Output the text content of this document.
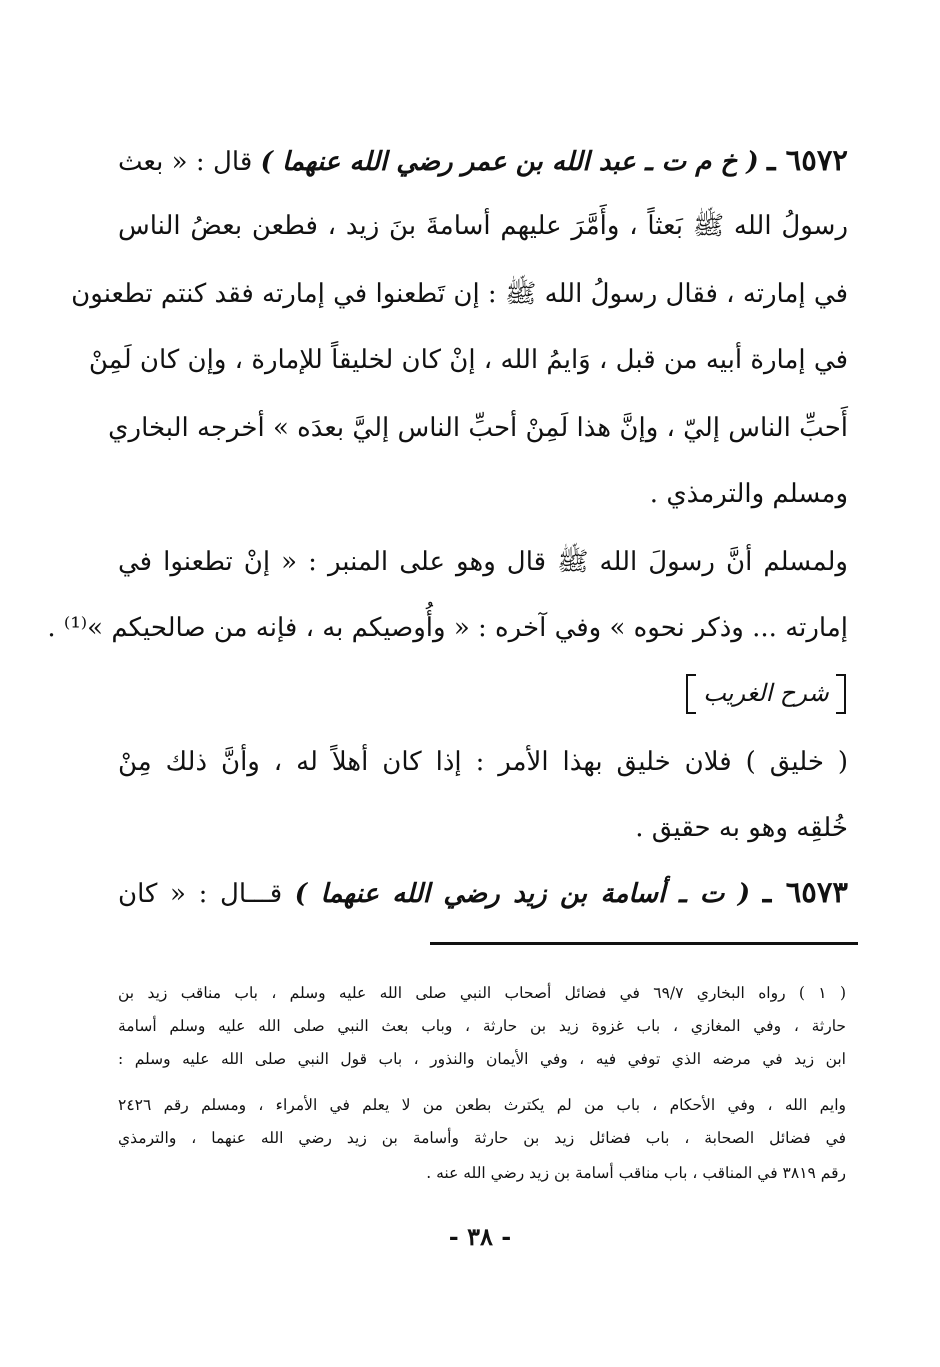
٦٥٧٢ ـ ( خ م ت ـ عبد الله بن عمر رضي الله عنهما ) قال : « بعث
رسولُ الله ﷺ بَعثاً ، وأَمَّرَ عليهم أسامةَ بنَ زيد ، فطعن بعضُ الناس
في إمارته ، فقال رسولُ الله ﷺ : إن تَطعنوا في إمارته فقد كنتم تطعنون
في إمارة أبيه من قبل ، وَايمُ الله ، إنْ كان لخليقاً للإمارة ، وإن كان لَمِنْ
أَحبِّ الناس إليّ ، وإنَّ هذا لَمِنْ أحبِّ الناس إليَّ بعدَه » أخرجه البخاري
ومسلم والترمذي .
ولمسلم أنَّ رسولَ الله ﷺ قال وهو على المنبر : « إنْ تطعنوا في
إمارته ... وذكر نحوه » وفي آخره : « وأُوصيكم به ، فإنه من صالحيكم »⁽¹⁾ .
شرح الغريب
( خليق ) فلان خليق بهذا الأمر : إذا كان أهلاً له ، وأنَّ ذلك مِنْ
خُلقِه وهو به حقيق .
٦٥٧٣ ـ ( ت ـ أسامة بن زيد رضي الله عنهما ) قـــال : « كان
( ١ ) رواه البخاري ٦٩/٧ في فضائل أصحاب النبي صلى الله عليه وسلم ، باب مناقب زيد بن
حارثة ، وفي المغازي ، باب غزوة زيد بن حارثة ، وباب بعث النبي صلى الله عليه وسلم أسامة
ابن زيد في مرضه الذي توفي فيه ، وفي الأيمان والنذور ، باب قول النبي صلى الله عليه وسلم :
وايم الله ، وفي الأحكام ، باب من لم يكترث بطعن من لا يعلم في الأمراء ، ومسلم رقم ٢٤٢٦
في فضائل الصحابة ، باب فضائل زيد بن حارثة وأسامة بن زيد رضي الله عنهما ، والترمذي
رقم ٣٨١٩ في المناقب ، باب مناقب أسامة بن زيد رضي الله عنه .
- ٣٨ -
